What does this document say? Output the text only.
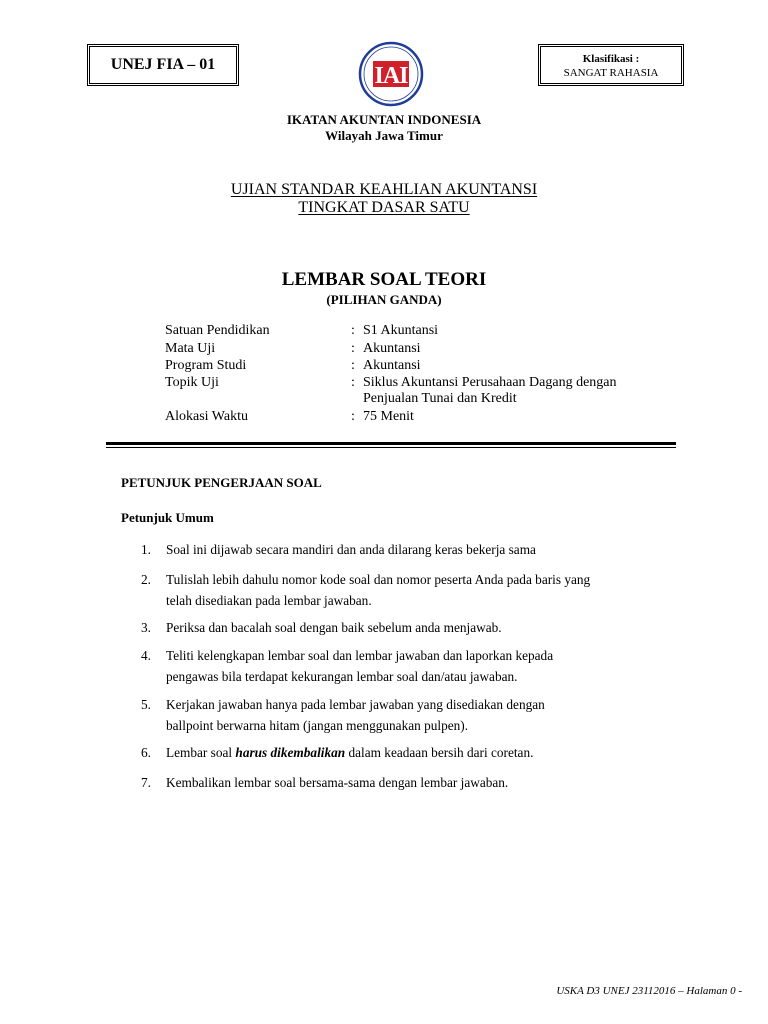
UNEJ FIA – 01	IAI
Klasifikasi :
SANGAT RAHASIA
IKATAN AKUNTAN INDONESIA
Wilayah Jawa Timur
UJIAN STANDAR KEAHLIAN AKUNTANSI
TINGKAT DASAR SATU
LEMBAR SOAL TEORI
(PILIHAN GANDA)
Satuan Pendidikan	: S1 Akuntansi
Mata Uji	: Akuntansi
Program Studi	: Akuntansi
Topik Uji	: Siklus Akuntansi Perusahaan Dagang dengan
Penjualan Tunai dan Kredit
Alokasi Waktu	: 75 Menit
PETUNJUK PENGERJAAN SOAL
Petunjuk Umum
1. Soal ini dijawab secara mandiri dan anda dilarang keras bekerja sama
2. Tulislah lebih dahulu nomor kode soal dan nomor peserta Anda pada baris yang
telah disediakan pada lembar jawaban.
3. Periksa dan bacalah soal dengan baik sebelum anda menjawab.
4. Teliti kelengkapan lembar soal dan lembar jawaban dan laporkan kepada
pengawas bila terdapat kekurangan lembar soal dan/atau jawaban.
5. Kerjakan jawaban hanya pada lembar jawaban yang disediakan dengan
ballpoint berwarna hitam (jangan menggunakan pulpen).
6. Lembar soal harus dikembalikan dalam keadaan bersih dari coretan.
7. Kembalikan lembar soal bersama-sama dengan lembar jawaban.
USKA D3 UNEJ 23112016 – Halaman 0 -
